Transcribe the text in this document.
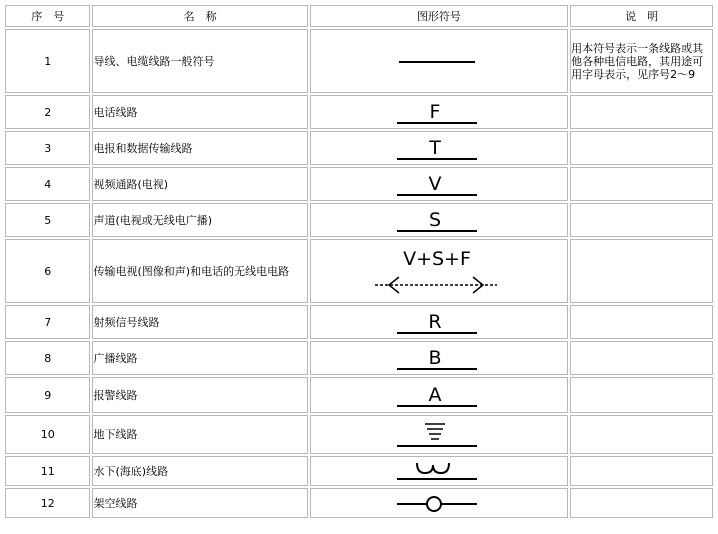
序　号	名　称	图形符号	说　明
1	导线、电缆线路一般符号		用本符号表示一条线路或其他各种电信电路，其用途可用字母表示，见序号2～9
2	电话线路	F	

3	电报和数据传输线路	T	

4	视频通路(电视)	V	

5	声道(电视或无线电广播)	S	

6	传输电视(图像和声)和电话的无线电电路	V+S+F	

7	射频信号线路	R	

8	广播线路	B	

9	报警线路	A	

10	地下线路	

11	水下(海底)线路	

12	架空线路	
